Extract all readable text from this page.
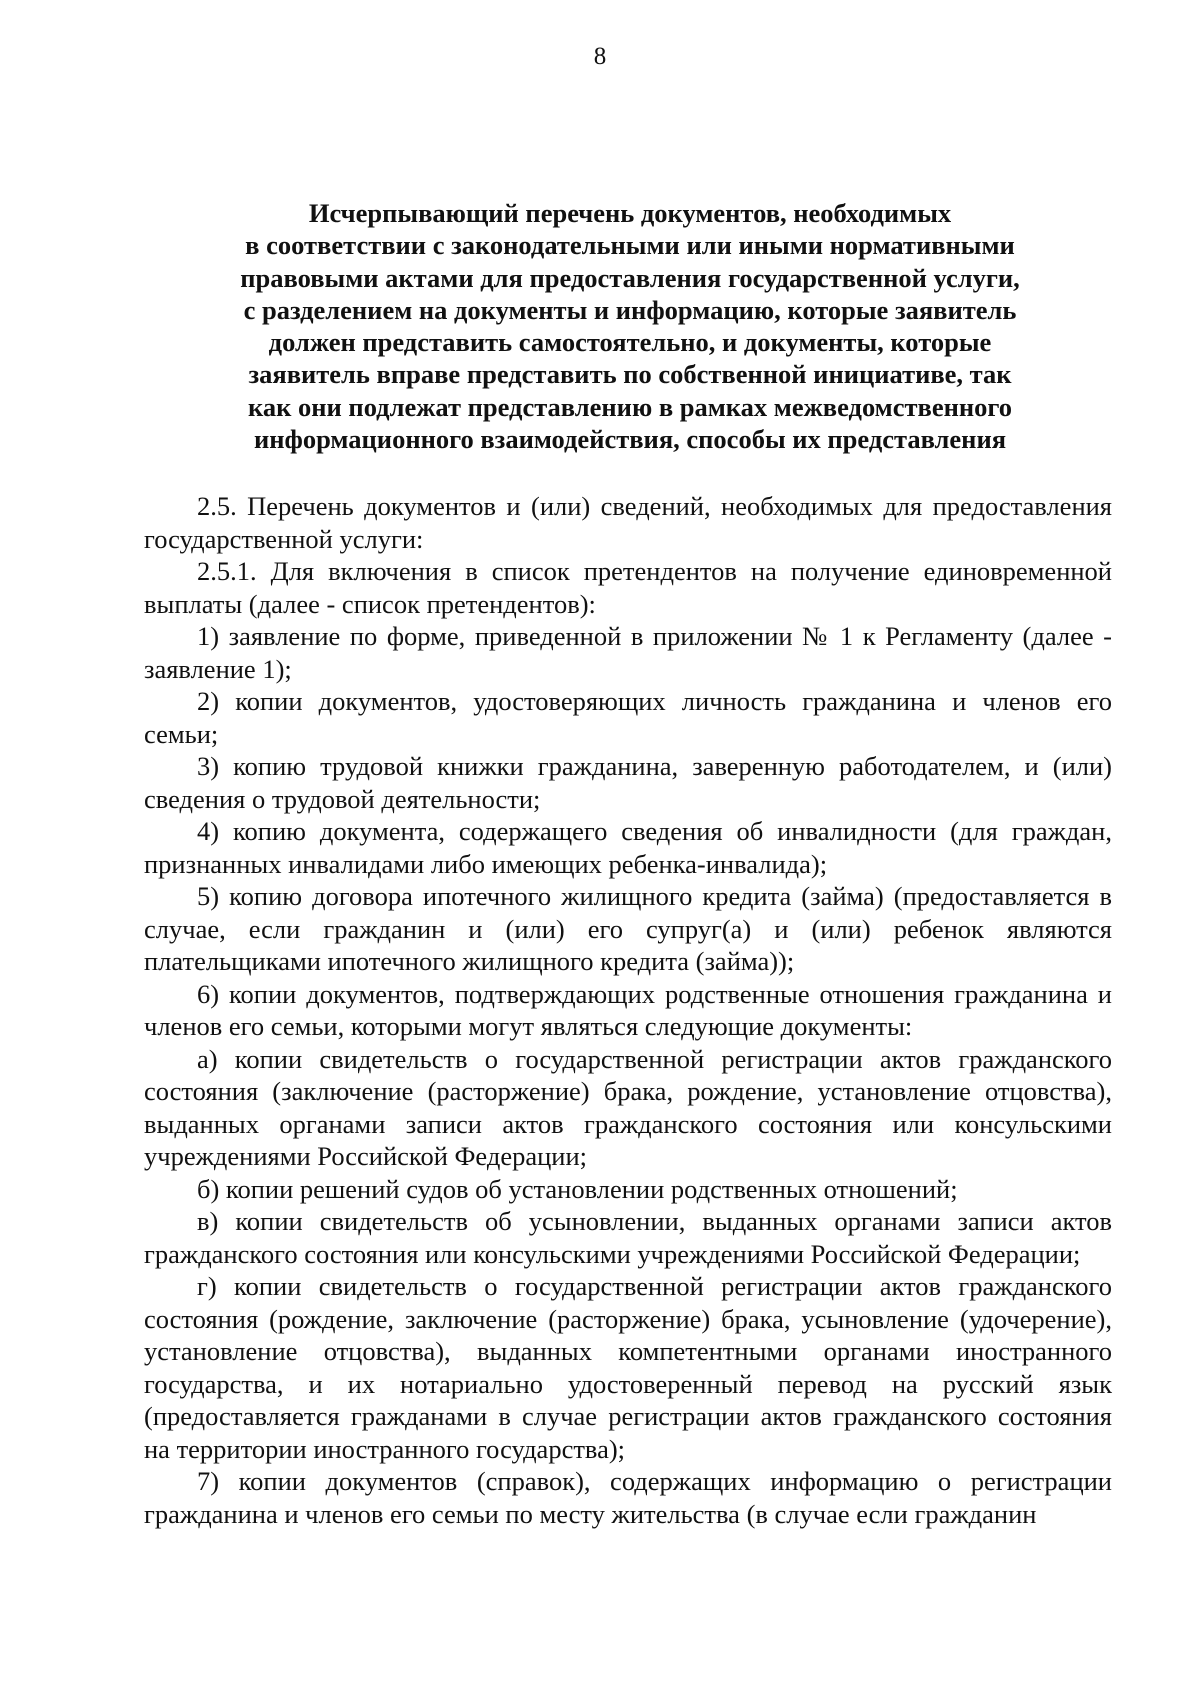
8
Исчерпывающий перечень документов, необходимых
в соответствии с законодательными или иными нормативными
правовыми актами для предоставления государственной услуги,
с разделением на документы и информацию, которые заявитель
должен представить самостоятельно, и документы, которые
заявитель вправе представить по собственной инициативе, так
как они подлежат представлению в рамках межведомственного
информационного взаимодействия, способы их представления

2.5. Перечень документов и (или) сведений, необходимых для предоставления государственной услуги:

2.5.1. Для включения в список претендентов на получение единовременной выплаты (далее - список претендентов):

1) заявление по форме, приведенной в приложении № 1 к Регламенту (далее - заявление 1);

2) копии документов, удостоверяющих личность гражданина и членов его семьи;

3) копию трудовой книжки гражданина, заверенную работодателем, и (или) сведения о трудовой деятельности;

4) копию документа, содержащего сведения об инвалидности (для граждан, признанных инвалидами либо имеющих ребенка-инвалида);

5) копию договора ипотечного жилищного кредита (займа) (предоставляется в случае, если гражданин и (или) его супруг(а) и (или) ребенок являются плательщиками ипотечного жилищного кредита (займа));

6) копии документов, подтверждающих родственные отношения гражданина и членов его семьи, которыми могут являться следующие документы:

а) копии свидетельств о государственной регистрации актов гражданского состояния (заключение (расторжение) брака, рождение, установление отцовства), выданных органами записи актов гражданского состояния или консульскими учреждениями Российской Федерации;

б) копии решений судов об установлении родственных отношений;

в) копии свидетельств об усыновлении, выданных органами записи актов гражданского состояния или консульскими учреждениями Российской Федерации;

г) копии свидетельств о государственной регистрации актов гражданского состояния (рождение, заключение (расторжение) брака, усыновление (удочерение), установление отцовства), выданных компетентными органами иностранного государства, и их нотариально удостоверенный перевод на русский язык (предоставляется гражданами в случае регистрации актов гражданского состояния на территории иностранного государства);

7) копии документов (справок), содержащих информацию о регистрации гражданина и членов его семьи по месту жительства (в случае если гражданин
